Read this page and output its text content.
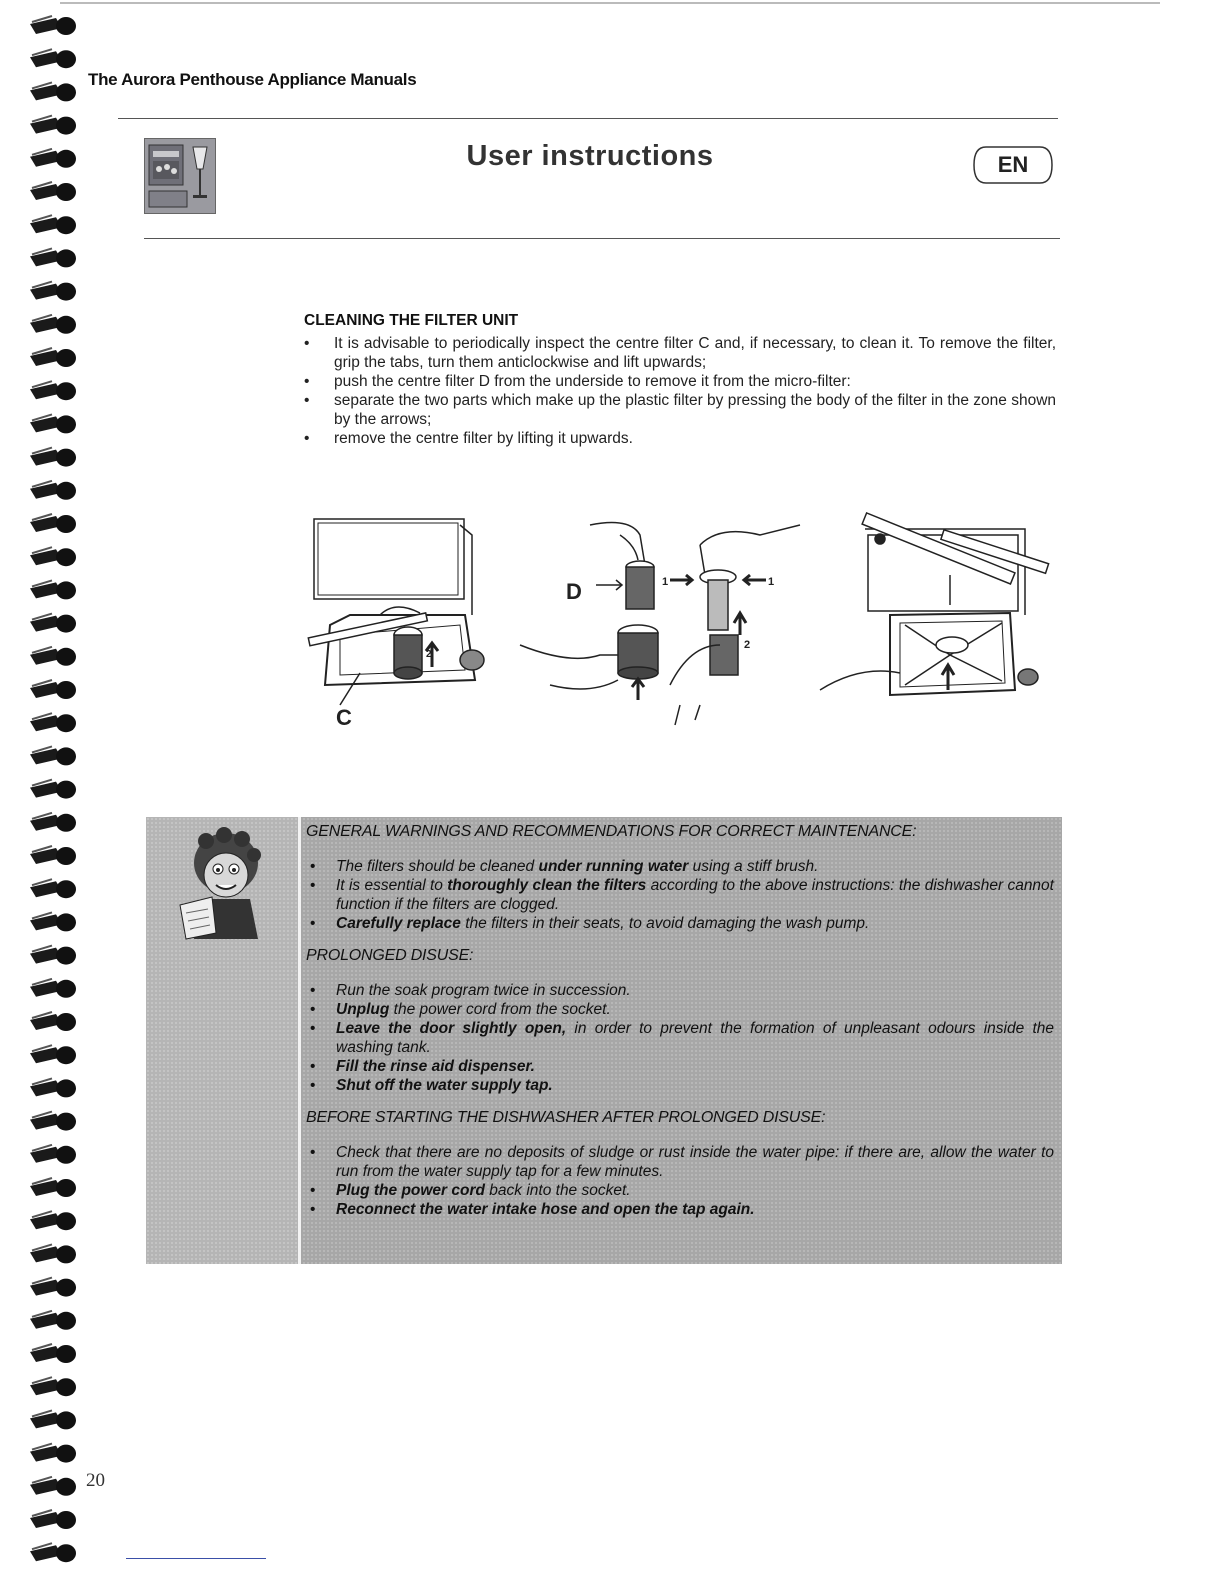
The Aurora Penthouse Appliance Manuals
User instructions	EN
CLEANING THE FILTER UNIT
• It is advisable to periodically inspect the centre filter C and, if necessary, to clean it. To remove the filter, grip the tabs, turn them anticlockwise and lift upwards;
• push the centre filter D from the underside to remove it from the micro-filter:
• separate the two parts which make up the plastic filter by pressing the body of the filter in the zone shown by the arrows;
• remove the centre filter by lifting it upwards.
C
D	1	1
2
2
GENERAL WARNINGS AND RECOMMENDATIONS FOR CORRECT MAINTENANCE:
• The filters should be cleaned under running water using a stiff brush.
• It is essential to thoroughly clean the filters according to the above instructions: the dishwasher cannot function if the filters are clogged.
• Carefully replace the filters in their seats, to avoid damaging the wash pump.
PROLONGED DISUSE:
• Run the soak program twice in succession.
• Unplug the power cord from the socket.
• Leave the door slightly open, in order to prevent the formation of unpleasant odours inside the washing tank.
• Fill the rinse aid dispenser.
• Shut off the water supply tap.
BEFORE STARTING THE DISHWASHER AFTER PROLONGED DISUSE:
• Check that there are no deposits of sludge or rust inside the water pipe: if there are, allow the water to run from the water supply tap for a few minutes.
• Plug the power cord back into the socket.
• Reconnect the water intake hose and open the tap again.
20
